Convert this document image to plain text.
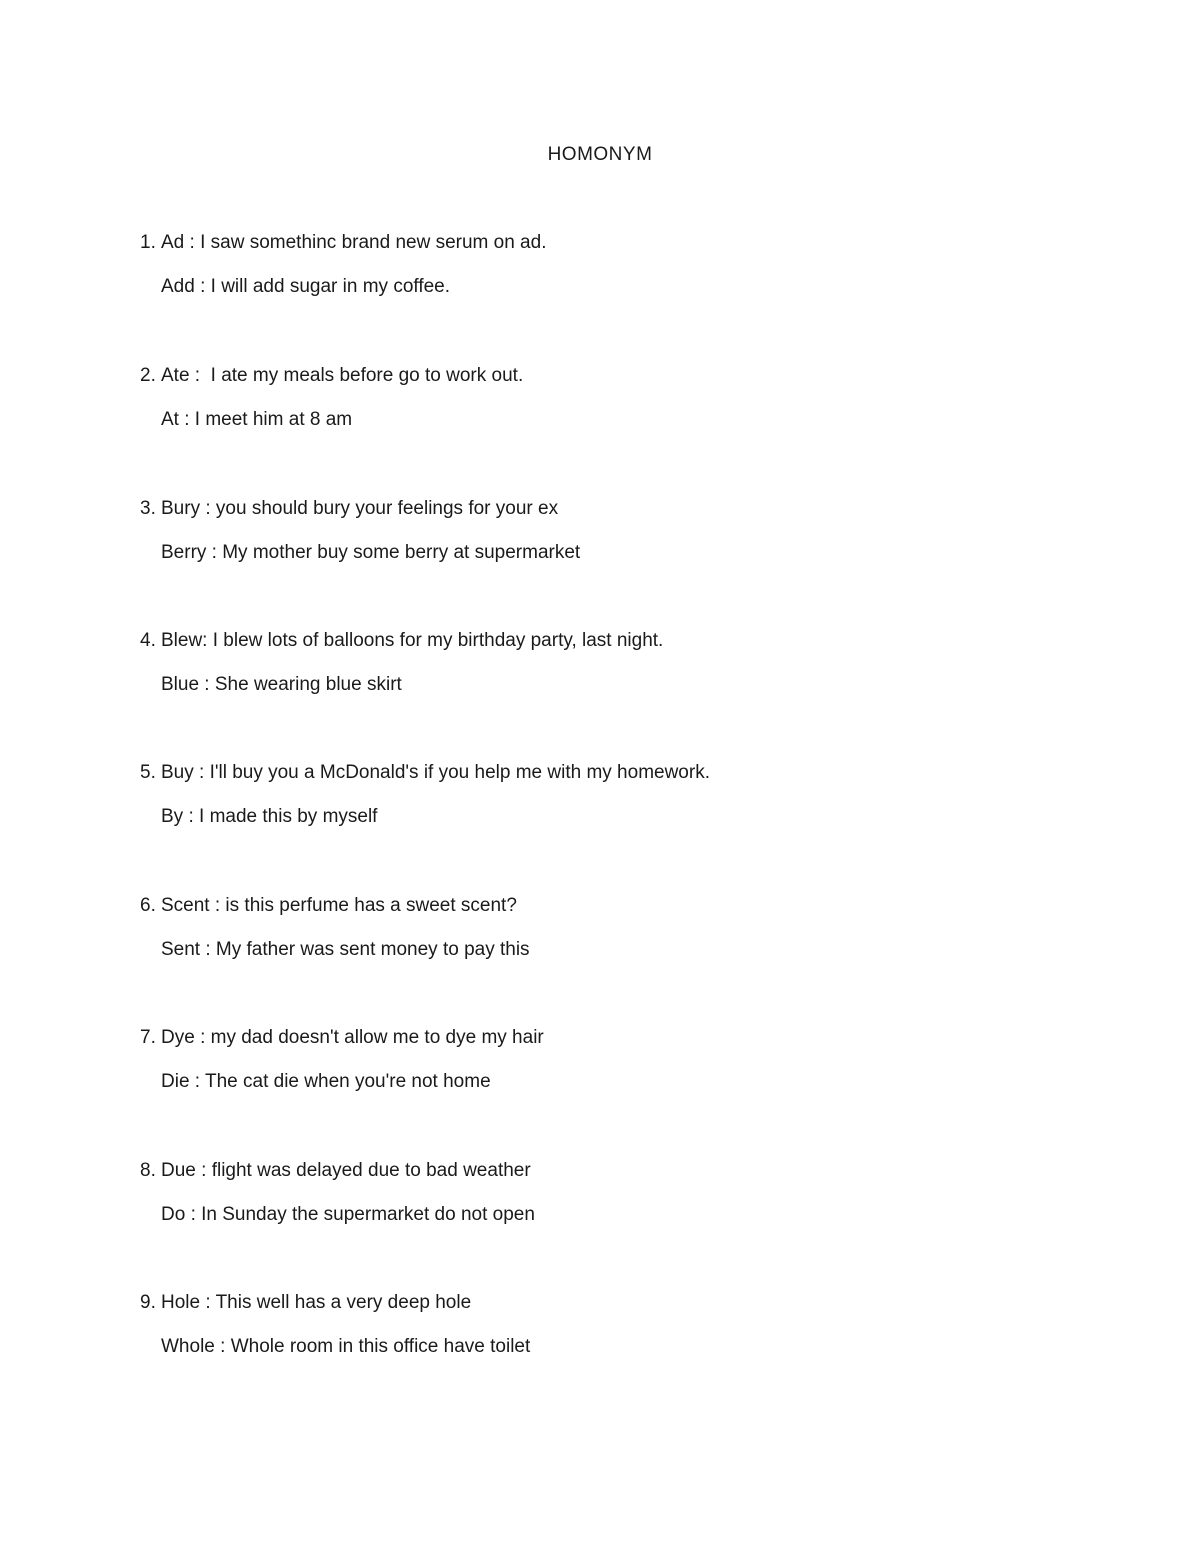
HOMONYM
1. Ad : I saw somethinc brand new serum on ad.
Add : I will add sugar in my coffee.
2. Ate :  I ate my meals before go to work out.
At : I meet him at 8 am
3. Bury : you should bury your feelings for your ex
Berry : My mother buy some berry at supermarket
4. Blew: I blew lots of balloons for my birthday party, last night.
Blue : She wearing blue skirt
5. Buy : I'll buy you a McDonald's if you help me with my homework.
By : I made this by myself
6. Scent : is this perfume has a sweet scent?
Sent : My father was sent money to pay this
7. Dye : my dad doesn't allow me to dye my hair
Die : The cat die when you're not home
8. Due : flight was delayed due to bad weather
Do : In Sunday the supermarket do not open
9. Hole : This well has a very deep hole
Whole : Whole room in this office have toilet
